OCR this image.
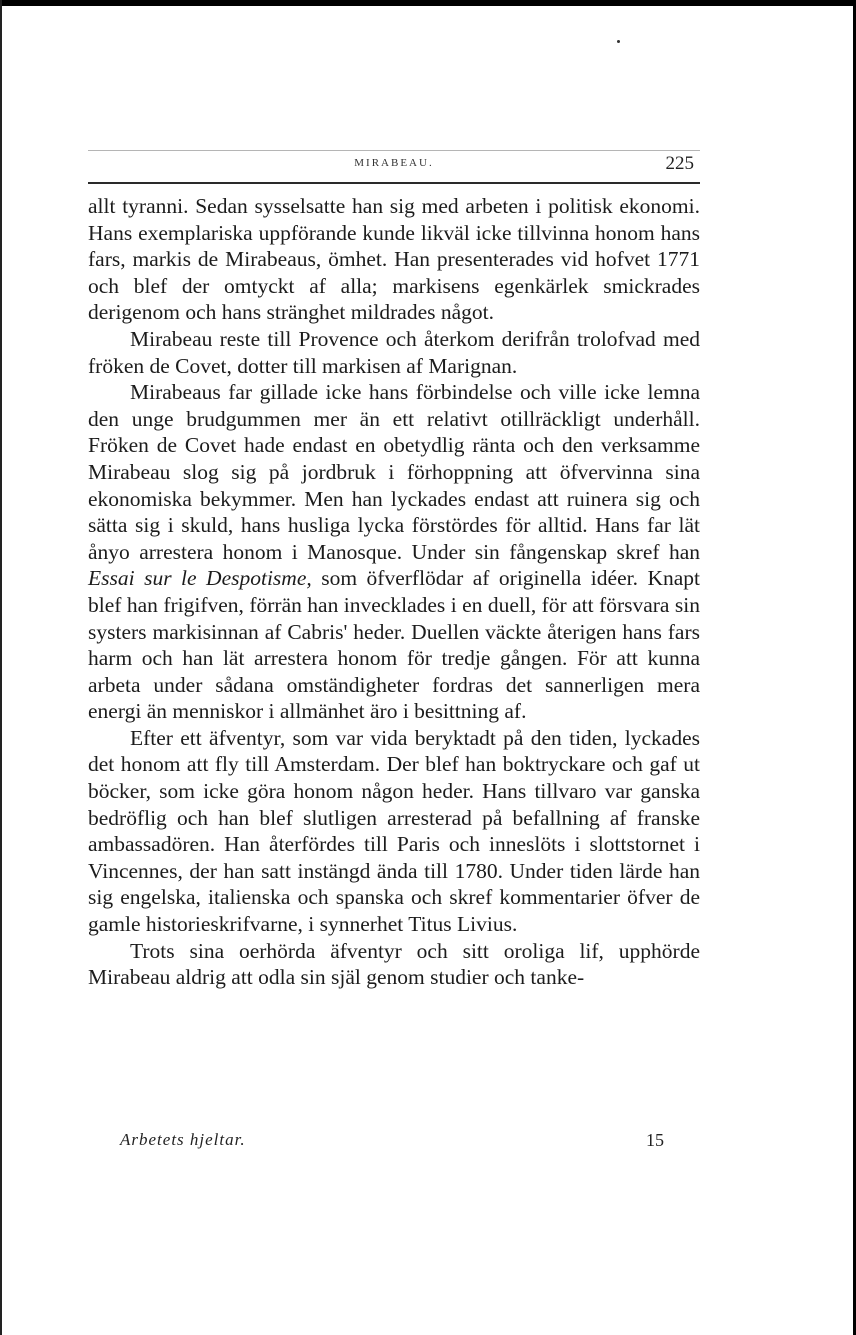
MIRABEAU.	225

allt tyranni. Sedan sysselsatte han sig med arbeten i politisk ekonomi. Hans exemplariska uppförande kunde likväl icke tillvinna honom hans fars, markis de Mirabeaus, ömhet. Han presenterades vid hofvet 1771 och blef der omtyckt af alla; markisens egenkärlek smickrades derigenom och hans stränghet mildrades något.

Mirabeau reste till Provence och återkom derifrån trolofvad med fröken de Covet, dotter till markisen af Marignan.

Mirabeaus far gillade icke hans förbindelse och ville icke lemna den unge brudgummen mer än ett relativt otillräckligt underhåll. Fröken de Covet hade endast en obetydlig ränta och den verksamme Mirabeau slog sig på jordbruk i förhoppning att öfvervinna sina ekonomiska bekymmer. Men han lyckades endast att ruinera sig och sätta sig i skuld, hans husliga lycka förstördes för alltid. Hans far lät ånyo arrestera honom i Manosque. Under sin fångenskap skref han Essai sur le Despotisme, som öfverflödar af originella idéer. Knapt blef han frigifven, förrän han invecklades i en duell, för att försvara sin systers markisinnan af Cabris' heder. Duellen väckte återigen hans fars harm och han lät arrestera honom för tredje gången. För att kunna arbeta under sådana omständigheter fordras det sannerligen mera energi än menniskor i allmänhet äro i besittning af.

Efter ett äfventyr, som var vida beryktadt på den tiden, lyckades det honom att fly till Amsterdam. Der blef han boktryckare och gaf ut böcker, som icke göra honom någon heder. Hans tillvaro var ganska bedröflig och han blef slutligen arresterad på befallning af franske ambassadören. Han återfördes till Paris och inneslöts i slottstornet i Vincennes, der han satt instängd ända till 1780. Under tiden lärde han sig engelska, italienska och spanska och skref kommentarier öfver de gamle historieskrifvarne, i synnerhet Titus Livius.

Trots sina oerhörda äfventyr och sitt oroliga lif, upphörde Mirabeau aldrig att odla sin själ genom studier och tanke-

Arbetets hjeltar.	15
